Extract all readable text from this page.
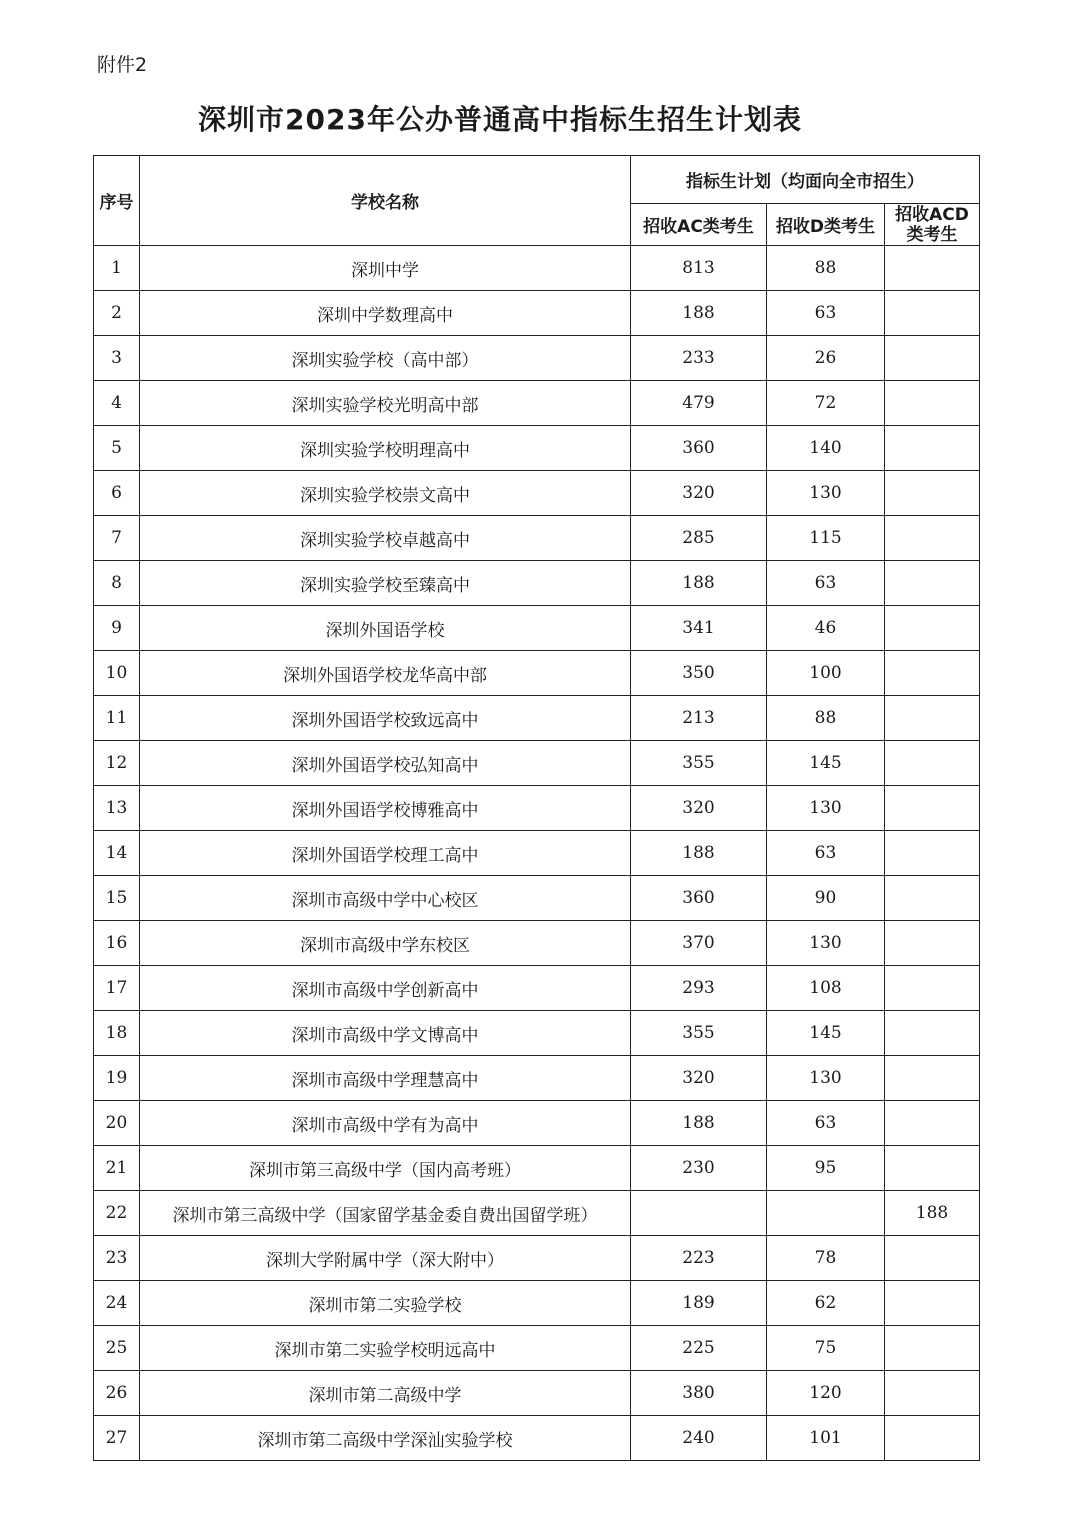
附件2
深圳市2023年公办普通高中指标生招生计划表
序号	学校名称	指标生计划（均面向全市招生）		
		招收AC类考生	招收D类考生	招收ACD
类考生

1	深圳中学	813	88	
2	深圳中学数理高中	188	63	
3	深圳实验学校（高中部）	233	26	
4	深圳实验学校光明高中部	479	72	
5	深圳实验学校明理高中	360	140	
6	深圳实验学校崇文高中	320	130	
7	深圳实验学校卓越高中	285	115	
8	深圳实验学校至臻高中	188	63	
9	深圳外国语学校	341	46	
10	深圳外国语学校龙华高中部	350	100	
11	深圳外国语学校致远高中	213	88	
12	深圳外国语学校弘知高中	355	145	
13	深圳外国语学校博雅高中	320	130	
14	深圳外国语学校理工高中	188	63	
15	深圳市高级中学中心校区	360	90	
16	深圳市高级中学东校区	370	130	
17	深圳市高级中学创新高中	293	108	
18	深圳市高级中学文博高中	355	145	
19	深圳市高级中学理慧高中	320	130	
20	深圳市高级中学有为高中	188	63	
21	深圳市第三高级中学（国内高考班）	230	95	
22	深圳市第三高级中学（国家留学基金委自费出国留学班）			188
23	深圳大学附属中学（深大附中）	223	78	
24	深圳市第二实验学校	189	62	
25	深圳市第二实验学校明远高中	225	75	
26	深圳市第二高级中学	380	120	
27	深圳市第二高级中学深汕实验学校	240	101	
